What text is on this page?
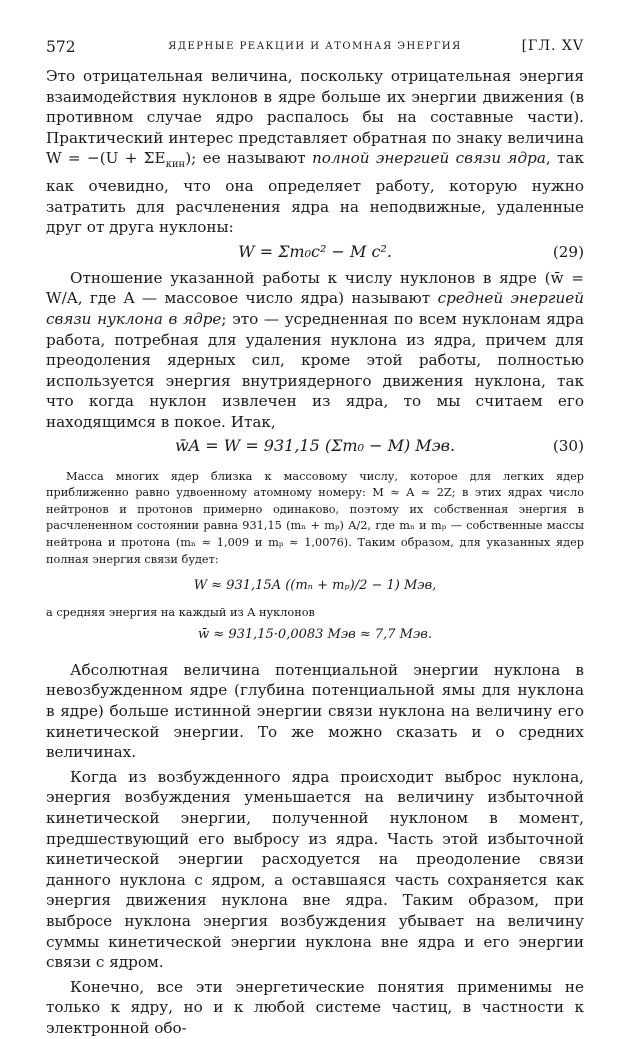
572	ЯДЕРНЫЕ РЕАКЦИИ И АТОМНАЯ ЭНЕРГИЯ	[ГЛ. XV

Это отрицательная величина, поскольку отрицательная энергия взаимодействия нуклонов в ядре больше их энергии движения (в противном случае ядро распалось бы на составные части). Практический интерес представляет обратная по знаку величина $W = -(U + \Sigma E_{кин})$; ее называют полной энергией связи ядра, так как очевидно, что она определяет работу, которую нужно затратить для расчленения ядра на неподвижные, удаленные друг от друга нуклоны:

W = Σm₀c² − M c².	(29)

Отношение указанной работы к числу нуклонов в ядре (w̄ = W/A, где A — массовое число ядра) называют средней энергией связи нуклона в ядре; это — усредненная по всем нуклонам ядра работа, потребная для удаления нуклона из ядра, причем для преодоления ядерных сил, кроме этой работы, полностью используется энергия внутриядерного движения нуклона, так что когда нуклон извлечен из ядра, то мы считаем его находящимся в покое. Итак,

w̄A = W = 931,15 (Σm₀ − M) Мэв.	(30)

Масса многих ядер близка к массовому числу, которое для легких ядер приближенно равно удвоенному атомному номеру: M ≈ A ≈ 2Z; в этих ядрах число нейтронов и протонов примерно одинаково, поэтому их собственная энергия в расчлененном состоянии равна 931,15 (mₙ + mₚ) A/2, где mₙ и mₚ — собственные массы нейтрона и протона (mₙ ≈ 1,009 и mₚ ≈ 1,0076). Таким образом, для указанных ядер полная энергия связи будет:

W ≈ 931,15A ((mₙ + mₚ)/2 − 1) Мэв,

а средняя энергия на каждый из A нуклонов

w̄ ≈ 931,15·0,0083 Мэв ≈ 7,7 Мэв.

Абсолютная величина потенциальной энергии нуклона в невозбужденном ядре (глубина потенциальной ямы для нуклона в ядре) больше истинной энергии связи нуклона на величину его кинетической энергии. То же можно сказать и о средних величинах.

Когда из возбужденного ядра происходит выброс нуклона, энергия возбуждения уменьшается на величину избыточной кинетической энергии, полученной нуклоном в момент, предшествующий его выбросу из ядра. Часть этой избыточной кинетической энергии расходуется на преодоление связи данного нуклона с ядром, а оставшаяся часть сохраняется как энергия движения нуклона вне ядра. Таким образом, при выбросе нуклона энергия возбуждения убывает на величину суммы кинетической энергии нуклона вне ядра и его энергии связи с ядром.

Конечно, все эти энергетические понятия применимы не только к ядру, но и к любой системе частиц, в частности к электронной обо-
